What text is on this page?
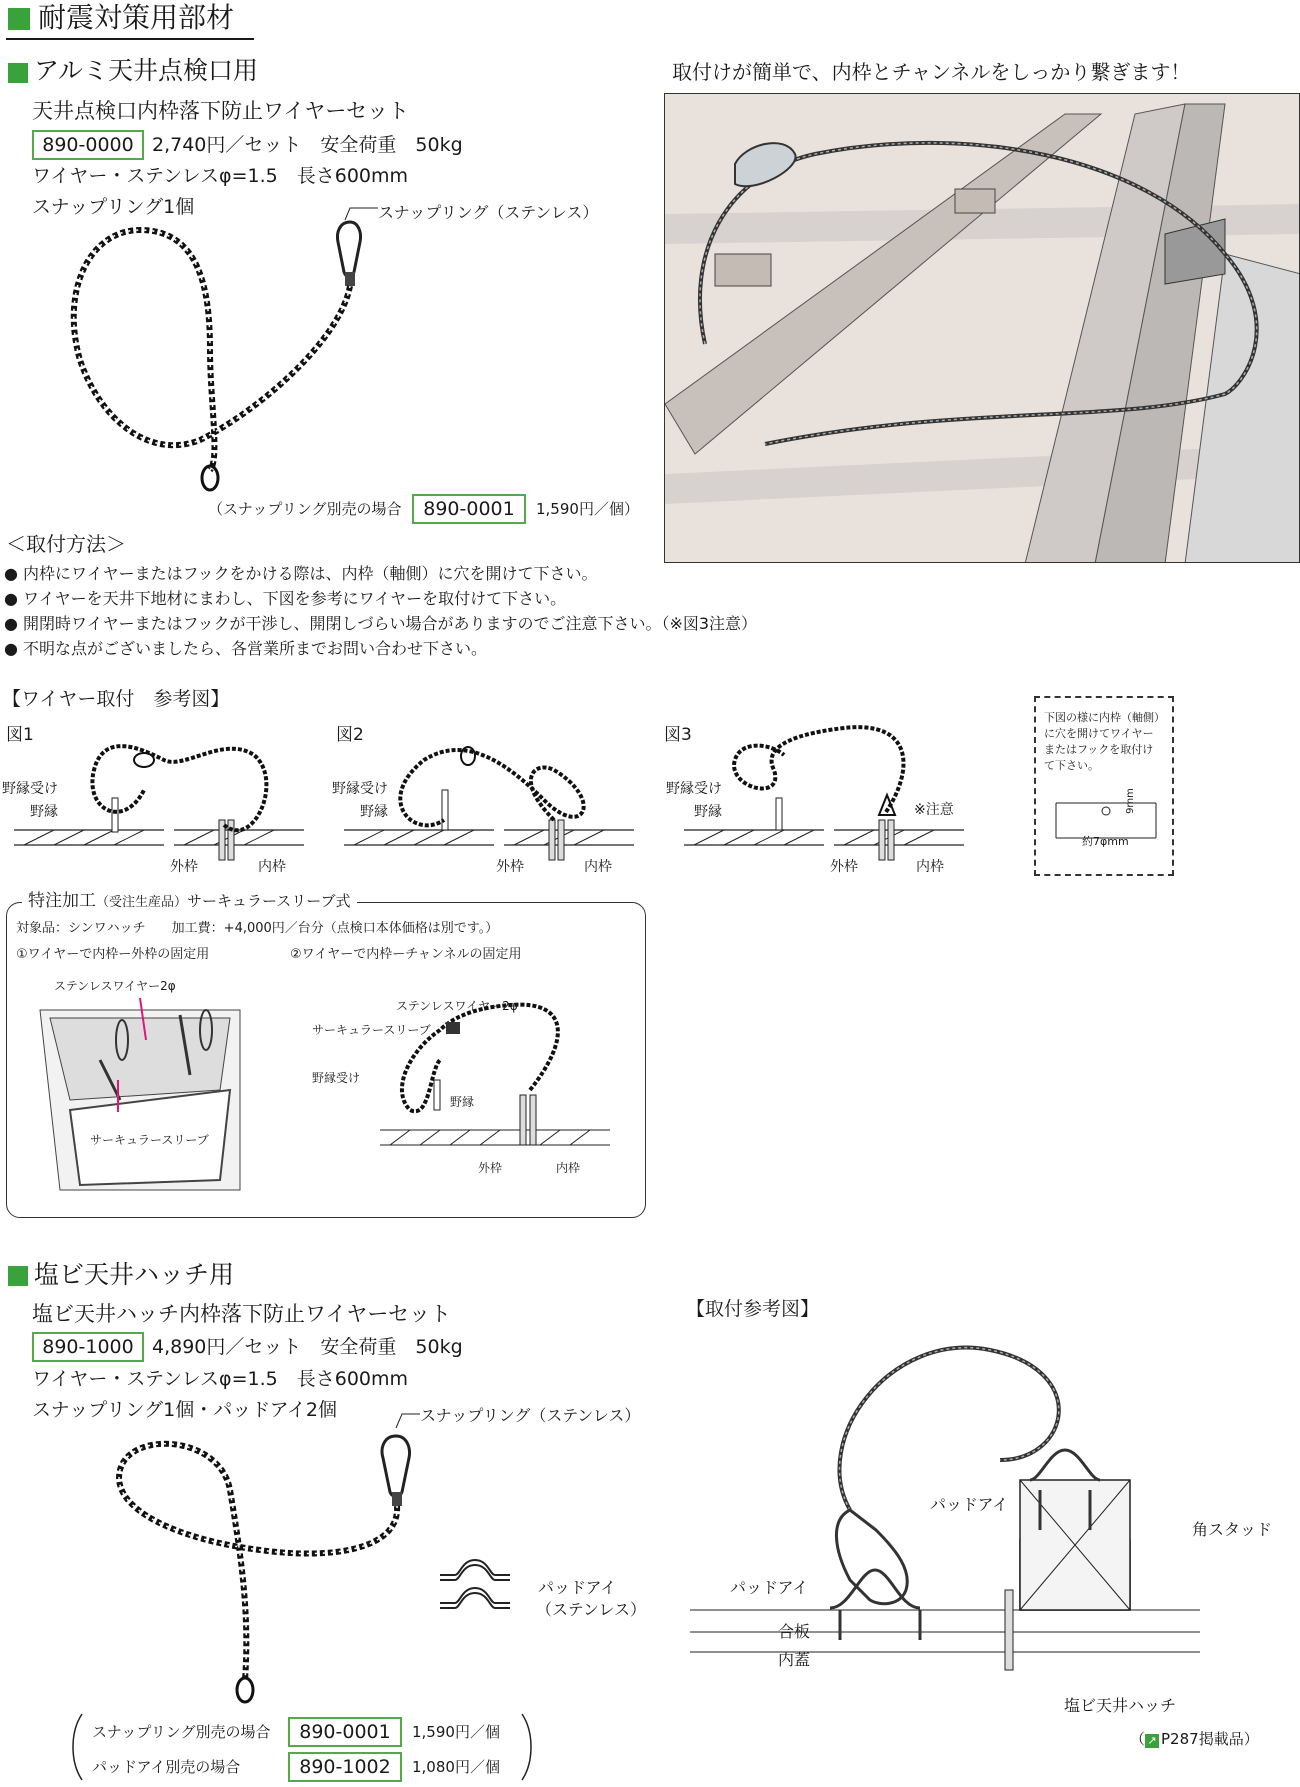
耐震対策用部材
アルミ天井点検口用
天井点検口内枠落下防止ワイヤーセット
890-0000 2,740円／セット　安全荷重　50kg
ワイヤー・ステンレスφ=1.5　長さ600mm
スナップリング1個	スナップリング（ステンレス）
（スナップリング別売の場合	890-0001	1,590円／個）
取付けが簡単で、内枠とチャンネルをしっかり繋ぎます！
＜取付方法＞
● 内枠にワイヤーまたはフックをかける際は、内枠（軸側）に穴を開けて下さい。
● ワイヤーを天井下地材にまわし、下図を参考にワイヤーを取付けて下さい。
● 開閉時ワイヤーまたはフックが干渉し、開閉しづらい場合がありますのでご注意下さい。（※図3注意）
● 不明な点がございましたら、各営業所までお問い合わせ下さい。
【ワイヤー取付　参考図】
図1	図2	図3
野縁受け
野縁
外枠	内枠
野縁受け
野縁
外枠	内枠
野縁受け
野縁	※注意
外枠	内枠
下図の様に内枠（軸側）
に穴を開けてワイヤー
またはフックを取付け
て下さい。
9mm
約7φmm
特注加工（受注生産品）サーキュラースリーブ式
対象品：シンワハッチ　　加工費：+4,000円／台分（点検口本体価格は別です。）
①ワイヤーで内枠ー外枠の固定用	②ワイヤーで内枠ーチャンネルの固定用
ステンレスワイヤー2φ
サーキュラースリーブ
ステンレスワイヤー2φ
サーキュラースリーブ
野縁受け
野縁
外枠	内枠
塩ビ天井ハッチ用
塩ビ天井ハッチ内枠落下防止ワイヤーセット
890-1000 4,890円／セット　安全荷重　50kg
ワイヤー・ステンレスφ=1.5　長さ600mm
スナップリング1個・パッドアイ2個	スナップリング（ステンレス）
パッドアイ
（ステンレス）
スナップリング別売の場合	890-0001	1,590円／個
パッドアイ別売の場合	890-1002	1,080円／個
【取付参考図】
パッドアイ
パッドアイ
角スタッド
合板
内蓋
塩ビ天井ハッチ
（ ↗ P287掲載品）
